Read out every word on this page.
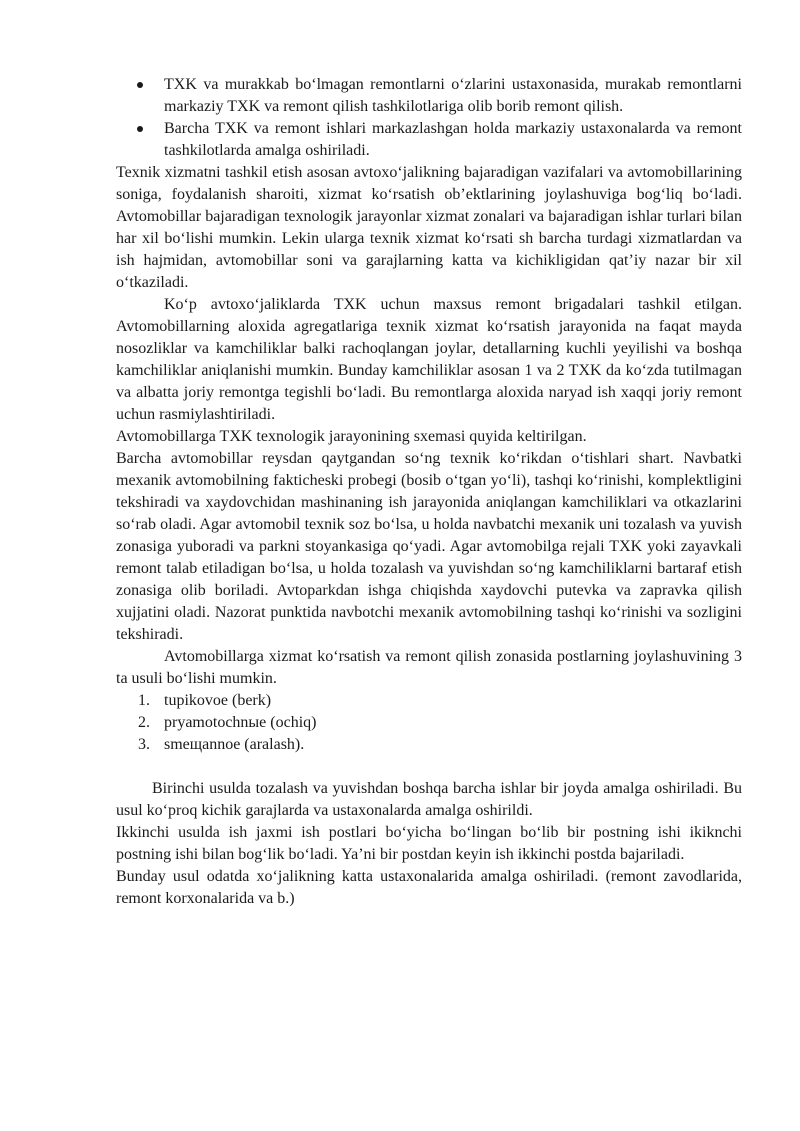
TXK va murakkab bo‘lmagan remontlarni o‘zlarini ustaxonasida, murakab remontlarni markaziy TXK va remont qilish tashkilotlariga olib borib remont qilish.
Barcha TXK va remont ishlari markazlashgan holda markaziy ustaxonalarda va remont tashkilotlarda amalga oshiriladi.

Texnik xizmatni tashkil etish asosan avtoxo‘jalikning bajaradigan vazifalari va avtomobillarining soniga, foydalanish sharoiti, xizmat ko‘rsatish ob’ektlarining joylashuviga bog‘liq bo‘ladi. Avtomobillar bajaradigan texnologik jarayonlar xizmat zonalari va bajaradigan ishlar turlari bilan har xil bo‘lishi mumkin. Lekin ularga texnik xizmat ko‘rsati sh barcha turdagi xizmatlardan va ish hajmidan, avtomobillar soni va garajlarning katta va kichikligidan qat’iy nazar bir xil o‘tkaziladi.

Ko‘p avtoxo‘jaliklarda TXK uchun maxsus remont brigadalari tashkil etilgan. Avtomobillarning aloxida agregatlariga texnik xizmat ko‘rsatish jarayonida na faqat mayda nosozliklar va kamchiliklar balki rachoqlangan joylar, detallarning kuchli yeyilishi va boshqa kamchiliklar aniqlanishi mumkin. Bunday kamchiliklar asosan 1 va 2 TXK da ko‘zda tutilmagan va albatta joriy remontga tegishli bo‘ladi. Bu remontlarga aloxida naryad ish xaqqi joriy remont uchun rasmiylashtiriladi.

Avtomobillarga TXK texnologik jarayonining sxemasi quyida keltirilgan.

Barcha avtomobillar reysdan qaytgandan so‘ng texnik ko‘rikdan o‘tishlari shart. Navbatki mexanik avtomobilning fakticheski probegi (bosib o‘tgan yo‘li), tashqi ko‘rinishi, komplektligini tekshiradi va xaydovchidan mashinaning ish jarayonida aniqlangan kamchiliklari va otkazlarini so‘rab oladi. Agar avtomobil texnik soz bo‘lsa, u holda navbatchi mexanik uni tozalash va yuvish zonasiga yuboradi va parkni stoyankasiga qo‘yadi. Agar avtomobilga rejali TXK yoki zayavkali remont talab etiladigan bo‘lsa, u holda tozalash va yuvishdan so‘ng kamchiliklarni bartaraf etish zonasiga olib boriladi. Avtoparkdan ishga chiqishda xaydovchi putevka va zapravka qilish xujjatini oladi. Nazorat punktida navbotchi mexanik avtomobilning tashqi ko‘rinishi va sozligini tekshiradi.

Avtomobillarga xizmat ko‘rsatish va remont qilish zonasida postlarning joylashuvining 3 ta usuli bo‘lishi mumkin.

1. tupikovoe (berk)
2. pryamotochnые (ochiq)
3. smeщannoe (aralash).

Birinchi usulda tozalash va yuvishdan boshqa barcha ishlar bir joyda amalga oshiriladi. Bu usul ko‘proq kichik garajlarda va ustaxonalarda amalga oshirildi.

Ikkinchi usulda ish jaxmi ish postlari bo‘yicha bo‘lingan bo‘lib bir postning ishi ikiknchi postning ishi bilan bog‘lik bo‘ladi. Ya’ni bir postdan keyin ish ikkinchi postda bajariladi.

Bunday usul odatda xo‘jalikning katta ustaxonalarida amalga oshiriladi. (remont zavodlarida, remont korxonalarida va b.)
